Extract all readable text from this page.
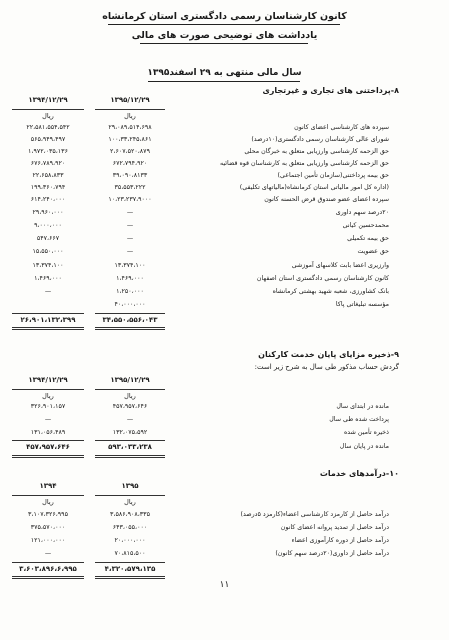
کانون کارشناسان رسمی دادگستری استان کرمانشاه
یادداشت های توضیحی صورت های مالی
سال مالی منتهی به ۲۹ اسفند۱۳۹۵
۸-پرداختنی های تجاری و غیرتجاری
۱۳۹۵/۱۲/۲۹
۱۳۹۴/۱۲/۲۹
ریال
ریال
سپرده های کارشناسی اعضای کانون
۲۹،۰۸۹،۵۱۴،۶۹۸
۲۲،۵۸۱،۵۵۴،۵۴۲
شورای عالی کارشناسان رسمی دادگستری(۱۰درصد)
۱۰۰،۳۳،۲۴۵،۸۶۱
۵۶۵،۹۴۹،۴۹۷
حق الزحمه کارشناسی وارزیابی متعلق به خبرگان محلی
۲،۶۰۷،۵۲۰،۸۷۹
۱،۹۷۲،۰۳۵،۱۳۶
حق الزحمه کارشناسی وارزیابی متعلق به کارشناسان قوه قضائیه
۶۷۲،۷۹۴،۹۲۰
۶۷۶،۷۸۹،۹۲۰
حق بیمه پرداختنی(سازمان تأمین اجتماعی)
۳۹،۰۹۰،۸۱۳۳
۲۲،۶۵۸،۸۳۳
(اداره کل امور مالیاتی استان کرمانشاه(مالیاتهای تکلیفی)
۳۵،۵۵۳،۲۲۲
۱۹۹،۳۶۰،۷۹۴
سپرده اعضای عضو صندوق قرض الحسنه کانون
۱۰،۲۳،۲۳۷،۹۰۰۰
۶۱۴،۲۴۰،۰۰۰
۲۰درصد سهم داوری
—
۲۹،۹۶۰،۰۰۰
محمدحسین کیانی
—
۹،۰۰۰،۰۰۰
حق بیمه تکمیلی
—
۵۴۷،۶۶۷
حق عضویت
—
۱۵،۵۵۰،۰۰۰
وارزیری اعضا بابت کلاسهای آموزشی
۱۳،۳۷۴،۱۰۰
۱۳،۳۷۴،۱۰۰
کانون کارشناسان رسمی دادگستری استان اصفهان
۱،۴۶۹،۰۰۰
۱،۴۶۹،۰۰۰
بانک کشاورزی، شعبه شهید بهشتی کرمانشاه
۱،۲۵۰،۰۰۰
—
مؤسسه تبلیغاتی پاکا
۴۰،۰۰۰،۰۰۰
۳۴،۵۵۰،۵۵۶،۰۴۳
۲۶،۹۰۱،۱۳۲،۳۹۹
۹-ذخیره مزایای پایان خدمت کارکنان
گردش حساب مذکور طی سال به شرح زیر است:
۱۳۹۵/۱۲/۲۹
۱۳۹۴/۱۲/۲۹
ریال
ریال
مانده در ابتدای سال
۴۵۷،۹۵۷،۶۴۶
۳۲۶،۹۰۱،۱۵۷
پرداخت شده طی سال
—
—
ذخیره تأمین شده
۱۳۲،۰۷۵،۵۹۲
۱۳۱،۰۵۶،۴۸۹
مانده در پایان سال
۵۹۳،۰۳۳،۲۳۸
۴۵۷،۹۵۷،۶۴۶
۱۰-درآمدهای خدمات
۱۳۹۵
۱۳۹۴
ریال
ریال
درآمد حاصل از کارمزد کارشناسی اعضاء(کارمزد ۵درصد)
۳،۵۸۶،۹۰۸،۳۳۵
۳،۱۰۷،۳۲۶،۹۹۵
درآمد حاصل از تمدید پروانه اعضای کانون
۶۴۳،۰۵۵،۰۰۰
۳۷۵،۵۷۰،۰۰۰
درآمد حاصل از دوره کارآموزی اعضاء
۲۰،۰۰۰،۰۰۰
۱۲۱،۰۰۰،۰۰۰
درآمد حاصل از داوری(۲۰درصد سهم کانون)
۷۰،۸۱۵،۵۰۰
—
۴،۳۲۰،۵۷۹،۱۳۵
۳،۶۰۳،۸۹۶،۶،۹۹۵
۱۱
